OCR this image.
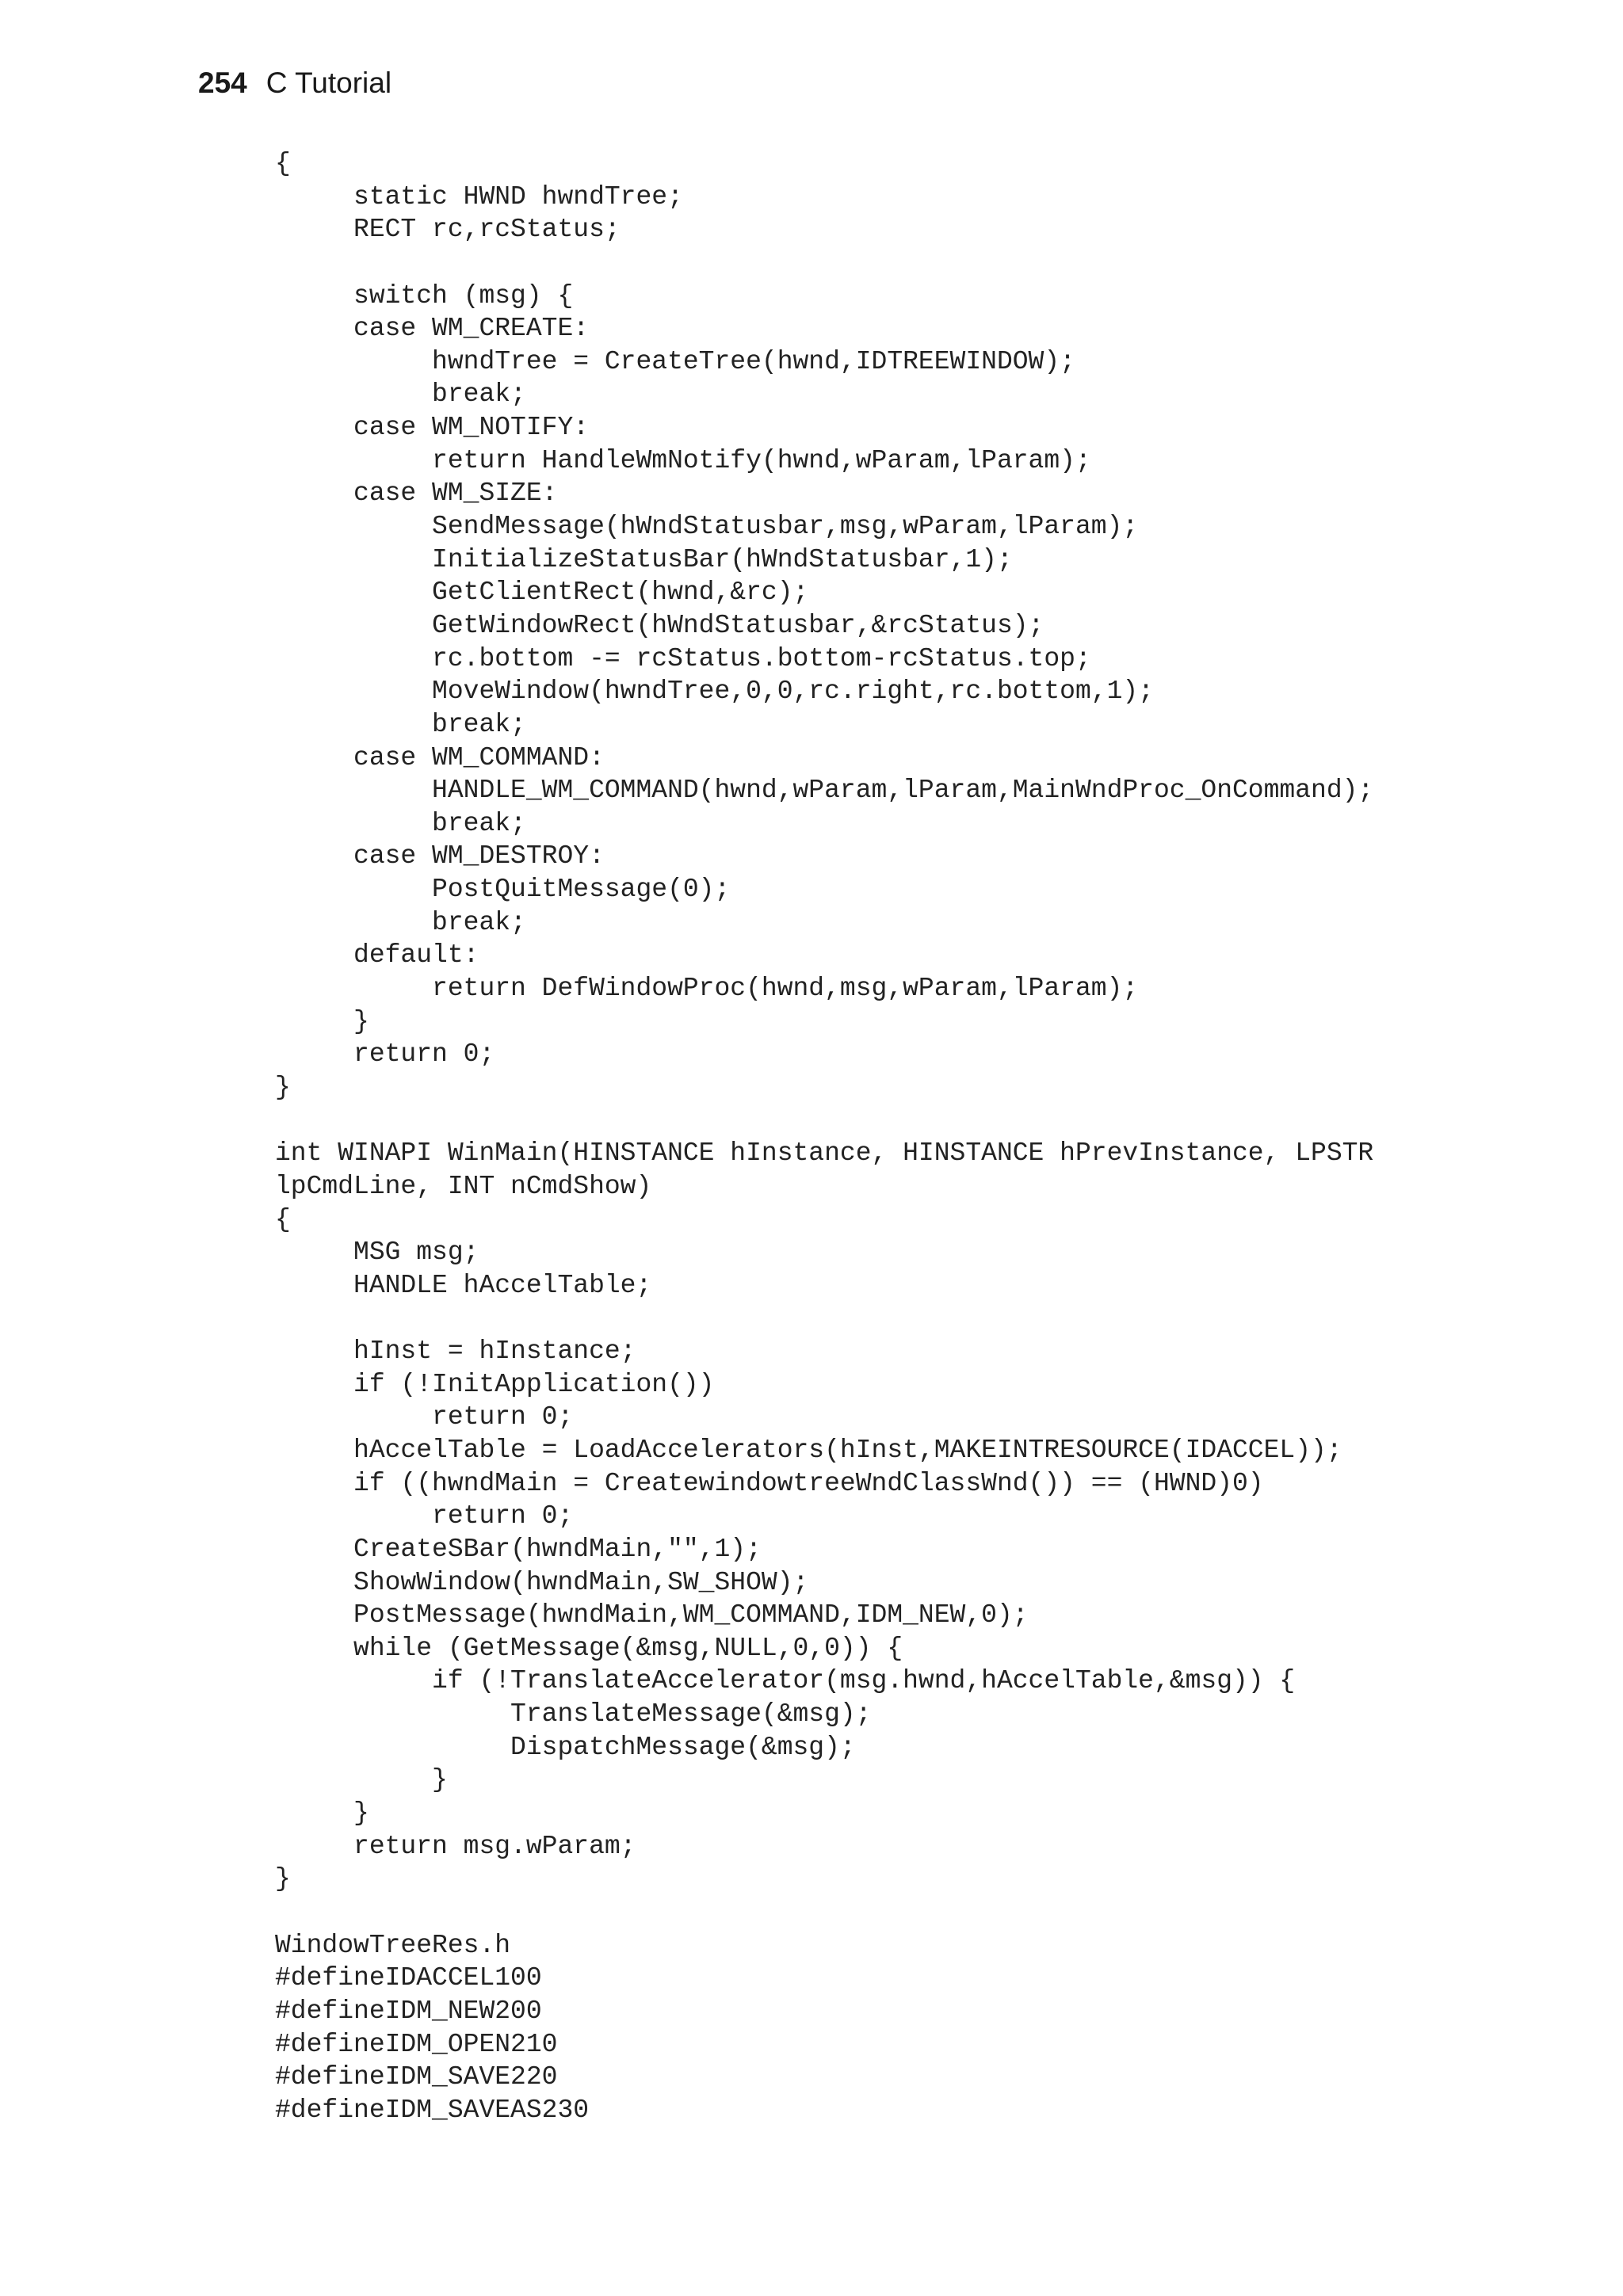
254 C Tutorial
{
static HWND hwndTree;
RECT rc,rcStatus;
switch (msg) {
case WM_CREATE:
hwndTree = CreateTree(hwnd,IDTREEWINDOW);
break;
case WM_NOTIFY:
return HandleWmNotify(hwnd,wParam,lParam);
case WM_SIZE:
SendMessage(hWndStatusbar,msg,wParam,lParam);
InitializeStatusBar(hWndStatusbar,1);
GetClientRect(hwnd,&rc);
GetWindowRect(hWndStatusbar,&rcStatus);
rc.bottom -= rcStatus.bottom-rcStatus.top;
MoveWindow(hwndTree,0,0,rc.right,rc.bottom,1);
break;
case WM_COMMAND:
HANDLE_WM_COMMAND(hwnd,wParam,lParam,MainWndProc_OnCommand);
break;
case WM_DESTROY:
PostQuitMessage(0);
break;
default:
return DefWindowProc(hwnd,msg,wParam,lParam);
}
return 0;
}
int WINAPI WinMain(HINSTANCE hInstance, HINSTANCE hPrevInstance, LPSTR
lpCmdLine, INT nCmdShow)
{
MSG msg;
HANDLE hAccelTable;
hInst = hInstance;
if (!InitApplication())
return 0;
hAccelTable = LoadAccelerators(hInst,MAKEINTRESOURCE(IDACCEL));
if ((hwndMain = CreatewindowtreeWndClassWnd()) == (HWND)0)
return 0;
CreateSBar(hwndMain,"",1);
ShowWindow(hwndMain,SW_SHOW);
PostMessage(hwndMain,WM_COMMAND,IDM_NEW,0);
while (GetMessage(&msg,NULL,0,0)) {
if (!TranslateAccelerator(msg.hwnd,hAccelTable,&msg)) {
TranslateMessage(&msg);
DispatchMessage(&msg);
}
}
return msg.wParam;
}
WindowTreeRes.h
#defineIDACCEL100
#defineIDM_NEW200
#defineIDM_OPEN210
#defineIDM_SAVE220
#defineIDM_SAVEAS230
